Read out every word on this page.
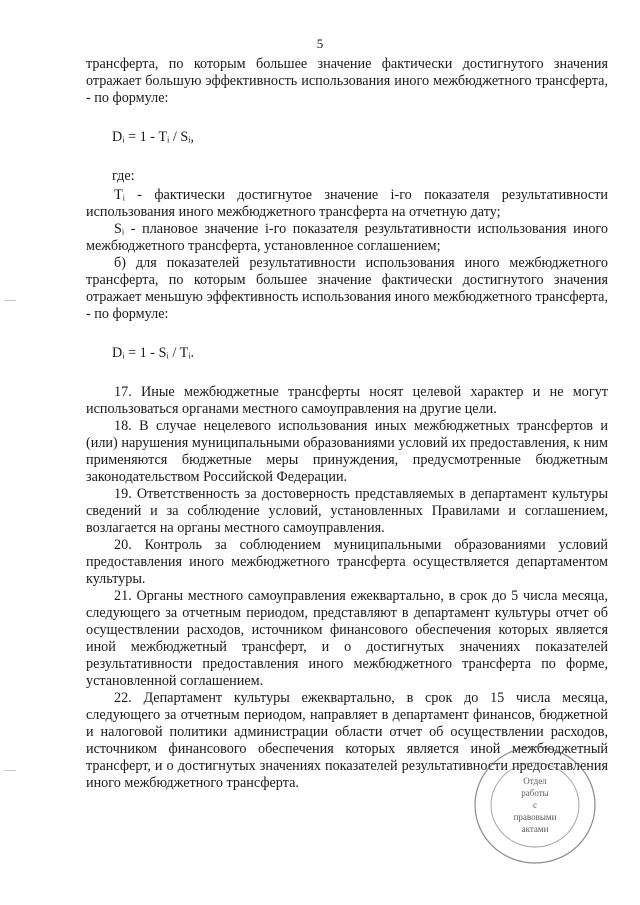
5

трансферта, по которым большее значение фактически достигнутого значения отражает большую эффективность использования иного межбюджетного трансферта, - по формуле:

Dᵢ = 1 - Tᵢ / Sᵢ,
где:

Tᵢ - фактически достигнутое значение i-го показателя результативности использования иного межбюджетного трансферта на отчетную дату;

Sᵢ - плановое значение i-го показателя результативности использования иного межбюджетного трансферта, установленное соглашением;

б) для показателей результативности использования иного межбюджетного трансферта, по которым большее значение фактически достигнутого значения отражает меньшую эффективность использования иного межбюджетного трансферта, - по формуле:

Dᵢ = 1 - Sᵢ / Tᵢ.

17. Иные межбюджетные трансферты носят целевой характер и не могут использоваться органами местного самоуправления на другие цели.

18. В случае нецелевого использования иных межбюджетных трансфертов и (или) нарушения муниципальными образованиями условий их предоставления, к ним применяются бюджетные меры принуждения, предусмотренные бюджетным законодательством Российской Федерации.

19. Ответственность за достоверность представляемых в департамент культуры сведений и за соблюдение условий, установленных Правилами и соглашением, возлагается на органы местного самоуправления.

20. Контроль за соблюдением муниципальными образованиями условий предоставления иного межбюджетного трансферта осуществляется департаментом культуры.

21. Органы местного самоуправления ежеквартально, в срок до 5 числа месяца, следующего за отчетным периодом, представляют в департамент культуры отчет об осуществлении расходов, источником финансового обеспечения которых является иной межбюджетный трансферт, и о достигнутых значениях показателей результативности предоставления иного межбюджетного трансферта по форме, установленной соглашением.

22. Департамент культуры ежеквартально, в срок до 15 числа месяца, следующего за отчетным периодом, направляет в департамент финансов, бюджетной и налоговой политики администрации области отчет об осуществлении расходов, источником финансового обеспечения которых является иной межбюджетный трансферт, и о достигнутых значениях показателей результативности предоставления иного межбюджетного трансферта.	Отдел
работы
с
правовыми
актами
